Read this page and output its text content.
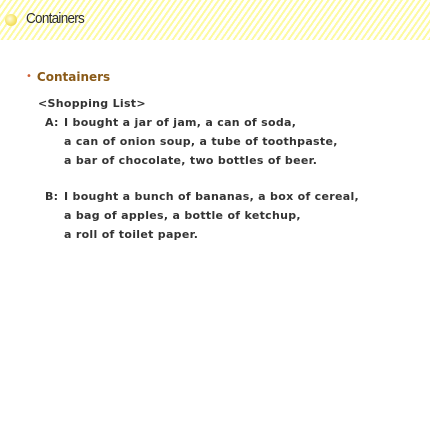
Containers
• Containers
<Shopping List>
A: I bought a jar of jam, a can of soda,
a can of onion soup, a tube of toothpaste,
a bar of chocolate, two bottles of beer.
B: I bought a bunch of bananas, a box of cereal,
a bag of apples, a bottle of ketchup,
a roll of toilet paper.
